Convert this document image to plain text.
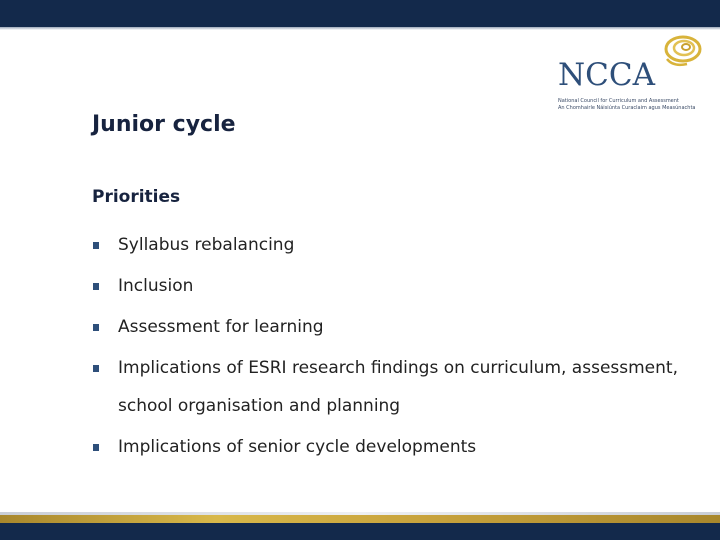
NCCA
National Council for Curriculum and Assessment
An Chomhairle Náisiúnta Curaclaim agus Measúnachta
Junior cycle
Priorities
Syllabus rebalancing
Inclusion
Assessment for learning
Implications of ESRI research findings on curriculum, assessment, school organisation and planning
Implications of senior cycle developments
